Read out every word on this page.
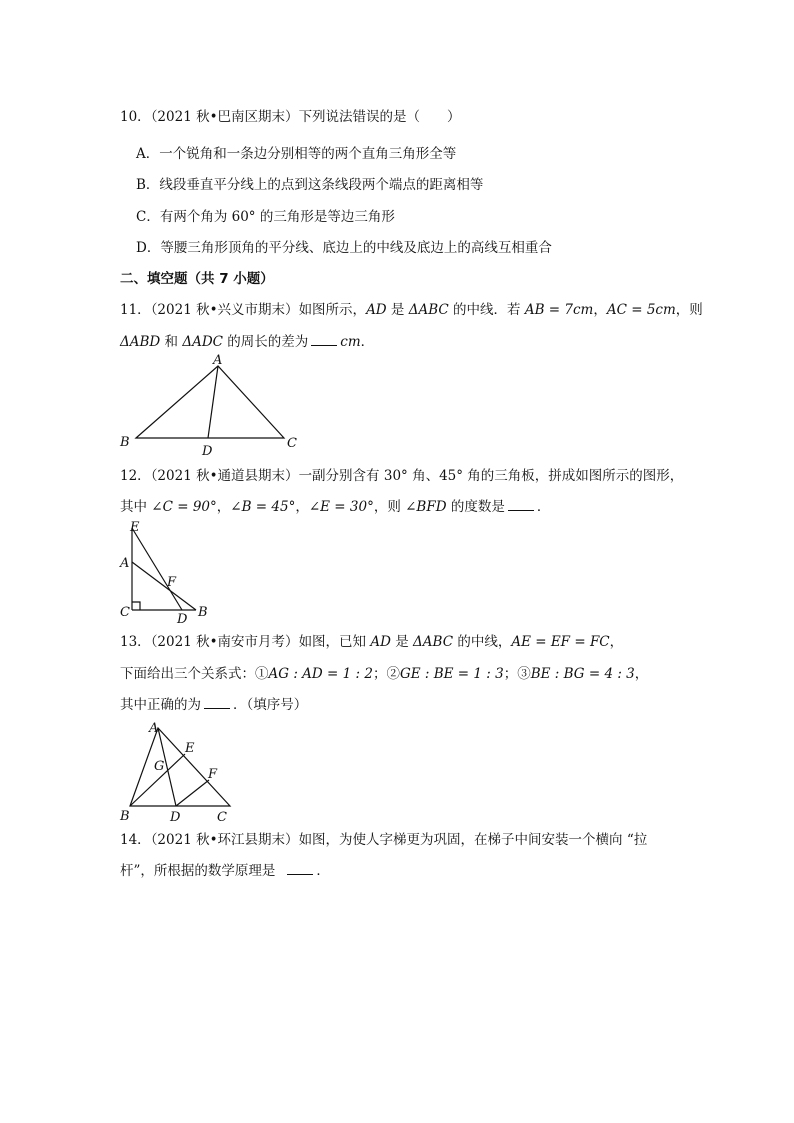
10．（2021 秋•巴南区期末）下列说法错误的是（　　）
A．一个锐角和一条边分别相等的两个直角三角形全等
B．线段垂直平分线上的点到这条线段两个端点的距离相等
C．有两个角为 60° 的三角形是等边三角形
D．等腰三角形顶角的平分线、底边上的中线及底边上的高线互相重合
二、填空题（共 7 小题）
11．（2021 秋•兴义市期末）如图所示，AD 是 ΔABC 的中线．若 AB = 7cm，AC = 5cm，则
ΔABD 和 ΔADC 的周长的差为 cm．
A
B
D
C
12．（2021 秋•通道县期末）一副分别含有 30° 角、45° 角的三角板，拼成如图所示的图形，
其中 ∠C = 90°，∠B = 45°，∠E = 30°，则 ∠BFD 的度数是 ．
E
A
F
C	D B
13．（2021 秋•南安市月考）如图，已知 AD 是 ΔABC 的中线，AE = EF = FC，
下面给出三个关系式：①AG : AD = 1 : 2；②GE : BE = 1 : 3；③BE : BG = 4 : 3，
其中正确的为 ．（填序号）
A
E
G
F
B	D	C
14．（2021 秋•环江县期末）如图，为使人字梯更为巩固，在梯子中间安装一个横向 “拉
杆”，所根据的数学原理是	．
